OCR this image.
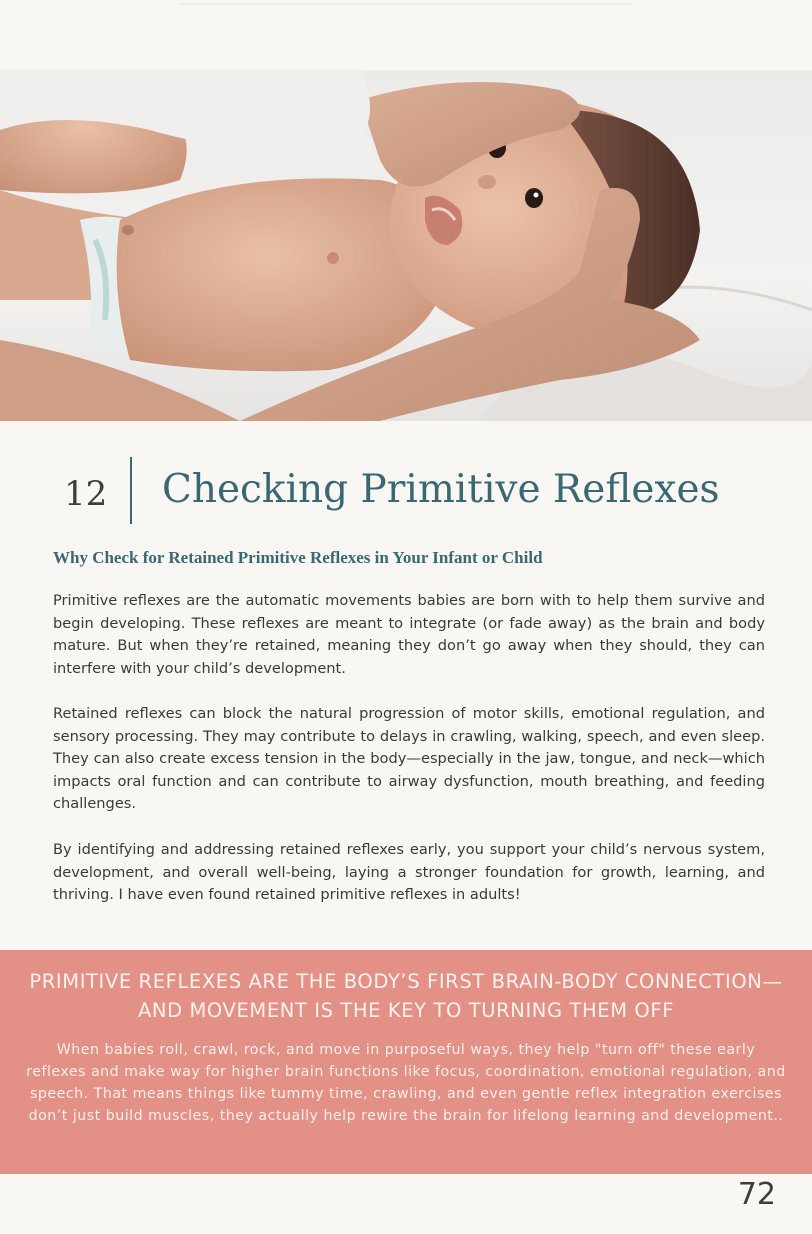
12 Checking Primitive Reflexes
Why Check for Retained Primitive Reflexes in Your Infant or Child

Primitive reflexes are the automatic movements babies are born with to help them survive and begin developing. These reflexes are meant to integrate (or fade away) as the brain and body mature. But when they’re retained, meaning they don’t go away when they should, they can interfere with your child’s development.

Retained reflexes can block the natural progression of motor skills, emotional regulation, and sensory processing. They may contribute to delays in crawling, walking, speech, and even sleep. They can also create excess tension in the body—especially in the jaw, tongue, and neck—which impacts oral function and can contribute to airway dysfunction, mouth breathing, and feeding challenges.

By identifying and addressing retained reflexes early, you support your child’s nervous system, development, and overall well-being, laying a stronger foundation for growth, learning, and thriving. I have even found retained primitive reflexes in adults!

PRIMITIVE REFLEXES ARE THE BODY’S FIRST BRAIN-BODY CONNECTION—AND MOVEMENT IS THE KEY TO TURNING THEM OFF

When babies roll, crawl, rock, and move in purposeful ways, they help "turn off" these early reflexes and make way for higher brain functions like focus, coordination, emotional regulation, and speech. That means things like tummy time, crawling, and even gentle reflex integration exercises don’t just build muscles, they actually help rewire the brain for lifelong learning and development..

72
